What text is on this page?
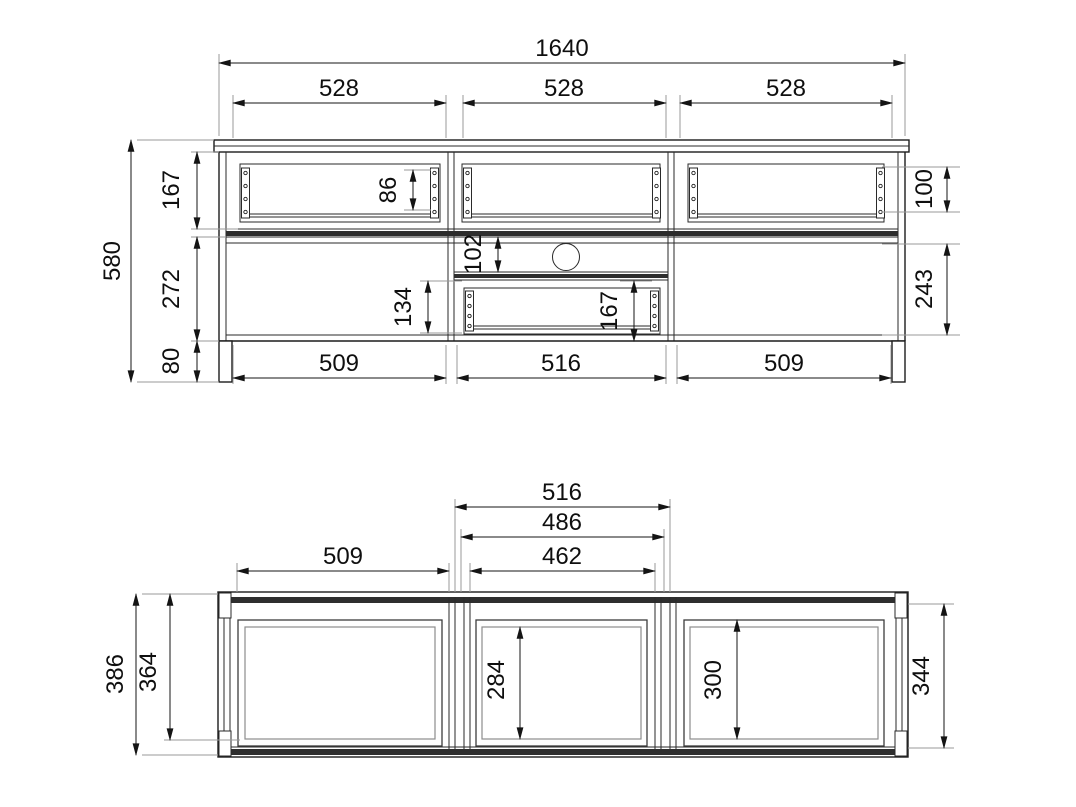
1640
528	528	528
580
167
272
80
86	100
102
134	167
243
509	516	509
516
486
462
509
386 364	284	300	344
